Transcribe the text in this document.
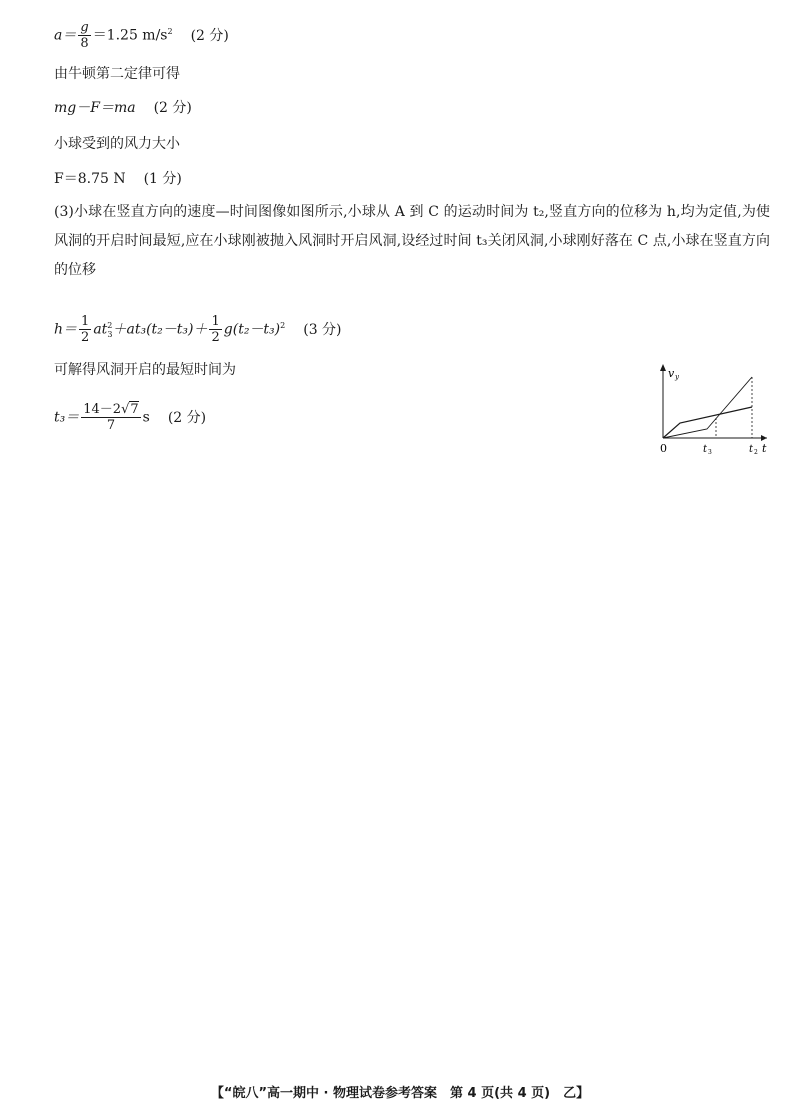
$a= \frac{g}{8} =1.25$ $m/s^2$ (2 分)
由牛顿第二定律可得
mg－F＝ma (2 分)
小球受到的风力大小
F＝8.75 N (1 分)
(3)小球在竖直方向的速度—时间图像如图所示,小球从 A 到 C 的运动时间为 t₂,竖直方向的位移为 h,均为定值,为使风洞的开启时间最短,应在小球刚被抛入风洞时开启风洞,设经过时间 t₃关闭风洞,小球刚好落在 C 点,小球在竖直方向的位移
$h= \frac{1}{2} at^2_3+at_3(t_2-t_3)+ \frac{1}{2} g(t_2-t_3)^2$ (3 分)
可解得风洞开启的最短时间为
$t_3= \frac{14-2√7}{7}$ s (2 分)
v y
0	t 3	t 2 t
【“皖八”高一期中 · 物理试卷参考答案　第 4 页(共 4 页)　乙】
